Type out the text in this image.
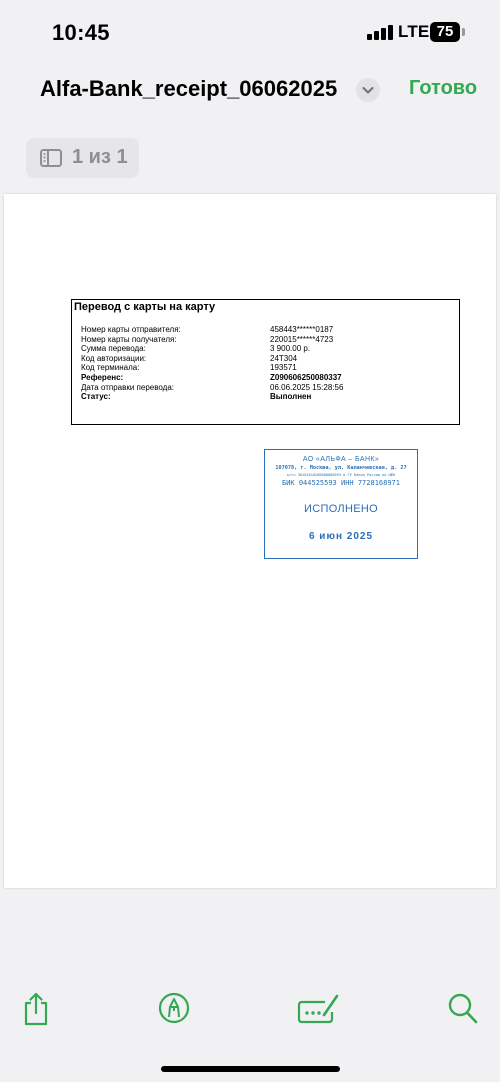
10:45	LTE 75
Alfa-Bank_receipt_06062025	Готово
1 из 1
Перевод с карты на карту
Номер карты отправителя:	458443******0187
Номер карты получателя:	220015******4723
Сумма перевода:	3 900.00 р.
Код авторизации:	24T304
Код терминала:	193571
Референс:	Z090606250080337
Дата отправки перевода:	06.06.2025 15:28:56
Статус:	Выполнен
АО «АЛЬФА – БАНК»
107078, г. Москва, ул. Каланчевская, д. 27
к/сч 30101810200000000593 в ГУ Банка России по ЦФО
БИК 044525593 ИНН 7728168971
ИСПОЛНЕНО
6 июн 2025
